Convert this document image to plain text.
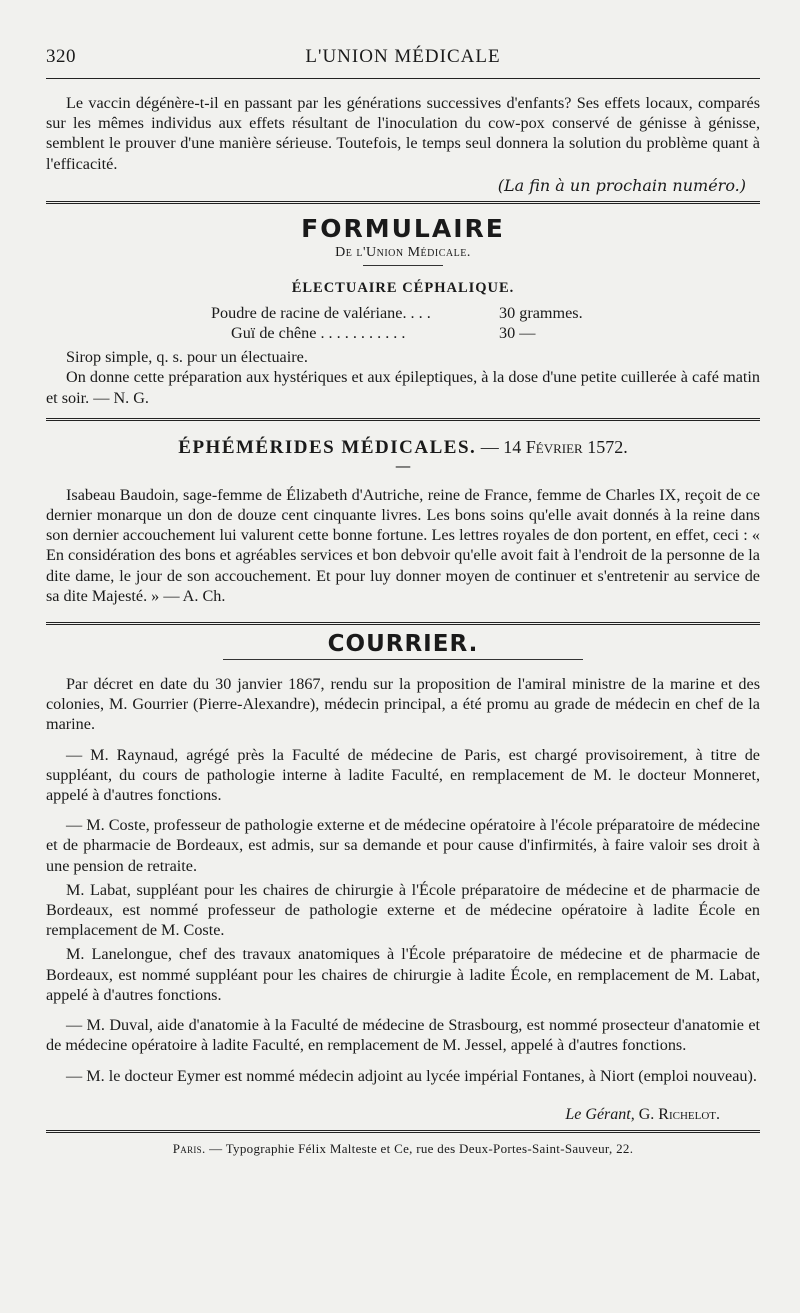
320	L'UNION MÉDICALE

Le vaccin dégénère-t-il en passant par les générations successives d'enfants? Ses effets locaux, comparés sur les mêmes individus aux effets résultant de l'inoculation du cow-pox conservé de génisse à génisse, semblent le prouver d'une manière sérieuse. Toutefois, le temps seul donnera la solution du problème quant à l'efficacité.

(La fin à un prochain numéro.)
FORMULAIRE
De l'Union Médicale.
ÉLECTUAIRE CÉPHALIQUE.
Poudre de racine de valériane. . . .	30 grammes.
Guï de chêne . . . . . . . . . . .	30 —

Sirop simple, q. s. pour un électuaire.

On donne cette préparation aux hystériques et aux épileptiques, à la dose d'une petite cuillerée à café matin et soir. — N. G.

ÉPHÉMÉRIDES MÉDICALES. — 14 Février 1572.
—

Isabeau Baudoin, sage-femme de Élizabeth d'Autriche, reine de France, femme de Charles IX, reçoit de ce dernier monarque un don de douze cent cinquante livres. Les bons soins qu'elle avait donnés à la reine dans son dernier accouchement lui valurent cette bonne fortune. Les lettres royales de don portent, en effet, ceci : « En considération des bons et agréables services et bon debvoir qu'elle avoit fait à l'endroit de la personne de la dite dame, le jour de son accouchement. Et pour luy donner moyen de continuer et s'entretenir au service de sa dite Majesté. » — A. Ch.

COURRIER.

Par décret en date du 30 janvier 1867, rendu sur la proposition de l'amiral ministre de la marine et des colonies, M. Gourrier (Pierre-Alexandre), médecin principal, a été promu au grade de médecin en chef de la marine.

— M. Raynaud, agrégé près la Faculté de médecine de Paris, est chargé provisoirement, à titre de suppléant, du cours de pathologie interne à ladite Faculté, en remplacement de M. le docteur Monneret, appelé à d'autres fonctions.

— M. Coste, professeur de pathologie externe et de médecine opératoire à l'école préparatoire de médecine et de pharmacie de Bordeaux, est admis, sur sa demande et pour cause d'infirmités, à faire valoir ses droit à une pension de retraite.

M. Labat, suppléant pour les chaires de chirurgie à l'École préparatoire de médecine et de pharmacie de Bordeaux, est nommé professeur de pathologie externe et de médecine opératoire à ladite École en remplacement de M. Coste.

M. Lanelongue, chef des travaux anatomiques à l'École préparatoire de médecine et de pharmacie de Bordeaux, est nommé suppléant pour les chaires de chirurgie à ladite École, en remplacement de M. Labat, appelé à d'autres fonctions.

— M. Duval, aide d'anatomie à la Faculté de médecine de Strasbourg, est nommé prosecteur d'anatomie et de médecine opératoire à ladite Faculté, en remplacement de M. Jessel, appelé à d'autres fonctions.

— M. le docteur Eymer est nommé médecin adjoint au lycée impérial Fontanes, à Niort (emploi nouveau).

Le Gérant, G. Richelot.
Paris. — Typographie Félix Malteste et Ce, rue des Deux-Portes-Saint-Sauveur, 22.
